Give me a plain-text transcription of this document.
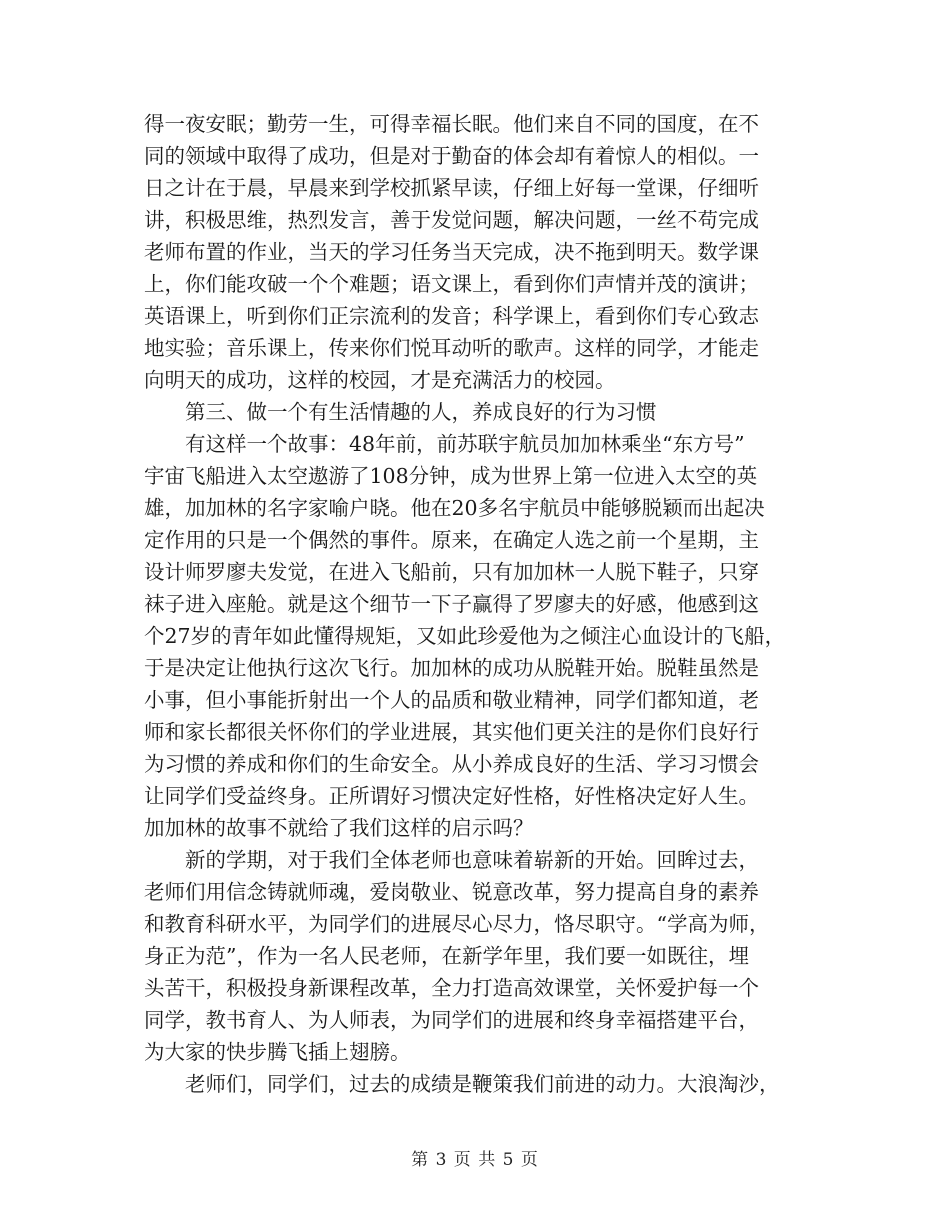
得一夜安眠；勤劳一生，可得幸福长眠。他们来自不同的国度，在不
同的领域中取得了成功，但是对于勤奋的体会却有着惊人的相似。一
日之计在于晨，早晨来到学校抓紧早读，仔细上好每一堂课，仔细听
讲，积极思维，热烈发言，善于发觉问题，解决问题，一丝不苟完成
老师布置的作业，当天的学习任务当天完成，决不拖到明天。数学课
上，你们能攻破一个个难题；语文课上，看到你们声情并茂的演讲；
英语课上，听到你们正宗流利的发音；科学课上，看到你们专心致志
地实验；音乐课上，传来你们悦耳动听的歌声。这样的同学，才能走
向明天的成功，这样的校园，才是充满活力的校园。
第三、做一个有生活情趣的人，养成良好的行为习惯
有这样一个故事：48年前，前苏联宇航员加加林乘坐“东方号”
宇宙飞船进入太空遨游了108分钟，成为世界上第一位进入太空的英
雄，加加林的名字家喻户晓。他在20多名宇航员中能够脱颖而出起决
定作用的只是一个偶然的事件。原来，在确定人选之前一个星期，主
设计师罗廖夫发觉，在进入飞船前，只有加加林一人脱下鞋子，只穿
袜子进入座舱。就是这个细节一下子赢得了罗廖夫的好感，他感到这
个27岁的青年如此懂得规矩，又如此珍爱他为之倾注心血设计的飞船，
于是决定让他执行这次飞行。加加林的成功从脱鞋开始。脱鞋虽然是
小事，但小事能折射出一个人的品质和敬业精神，同学们都知道，老
师和家长都很关怀你们的学业进展，其实他们更关注的是你们良好行
为习惯的养成和你们的生命安全。从小养成良好的生活、学习习惯会
让同学们受益终身。正所谓好习惯决定好性格，好性格决定好人生。
加加林的故事不就给了我们这样的启示吗？
新的学期，对于我们全体老师也意味着崭新的开始。回眸过去，
老师们用信念铸就师魂，爱岗敬业、锐意改革，努力提高自身的素养
和教育科研水平，为同学们的进展尽心尽力，恪尽职守。“学高为师，
身正为范”，作为一名人民老师，在新学年里，我们要一如既往，埋
头苦干，积极投身新课程改革，全力打造高效课堂，关怀爱护每一个
同学，教书育人、为人师表，为同学们的进展和终身幸福搭建平台，
为大家的快步腾飞插上翅膀。
老师们，同学们，过去的成绩是鞭策我们前进的动力。大浪淘沙，
第 3 页 共 5 页
